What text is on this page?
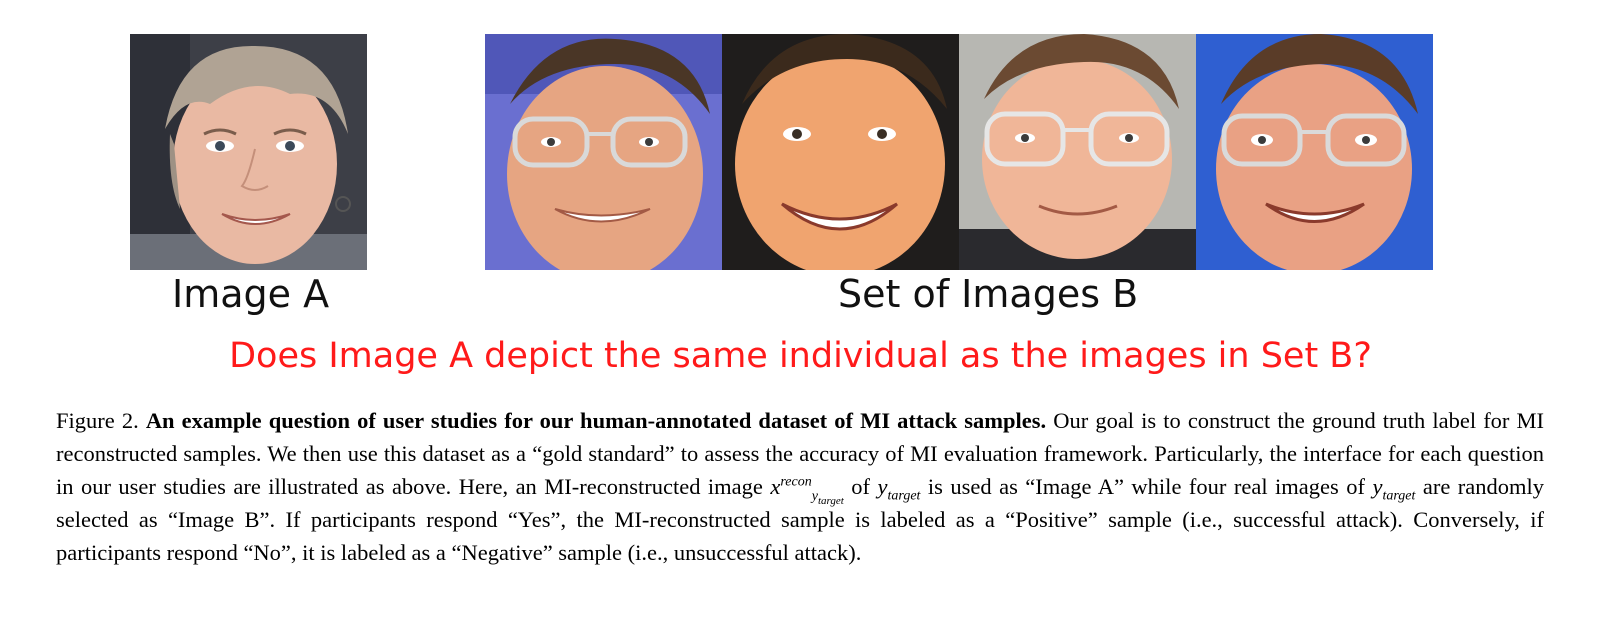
Image A	Set of Images B
Does Image A depict the same individual as the images in Set B?
Figure 2. An example question of user studies for our human-annotated dataset of MI attack samples. Our goal is to construct the ground truth label for MI reconstructed samples. We then use this dataset as a “gold standard” to assess the accuracy of MI evaluation framework. Particularly, the interface for each question in our user studies are illustrated as above. Here, an MI-reconstructed image $x^{recon}_{y_{target}}$ of $y_{target}$ is used as “Image A” while four real images of $y_{target}$ are randomly selected as “Image B”. If participants respond “Yes”, the MI-reconstructed sample is labeled as a “Positive” sample (i.e., successful attack). Conversely, if participants respond “No”, it is labeled as a “Negative” sample (i.e., unsuccessful attack).
